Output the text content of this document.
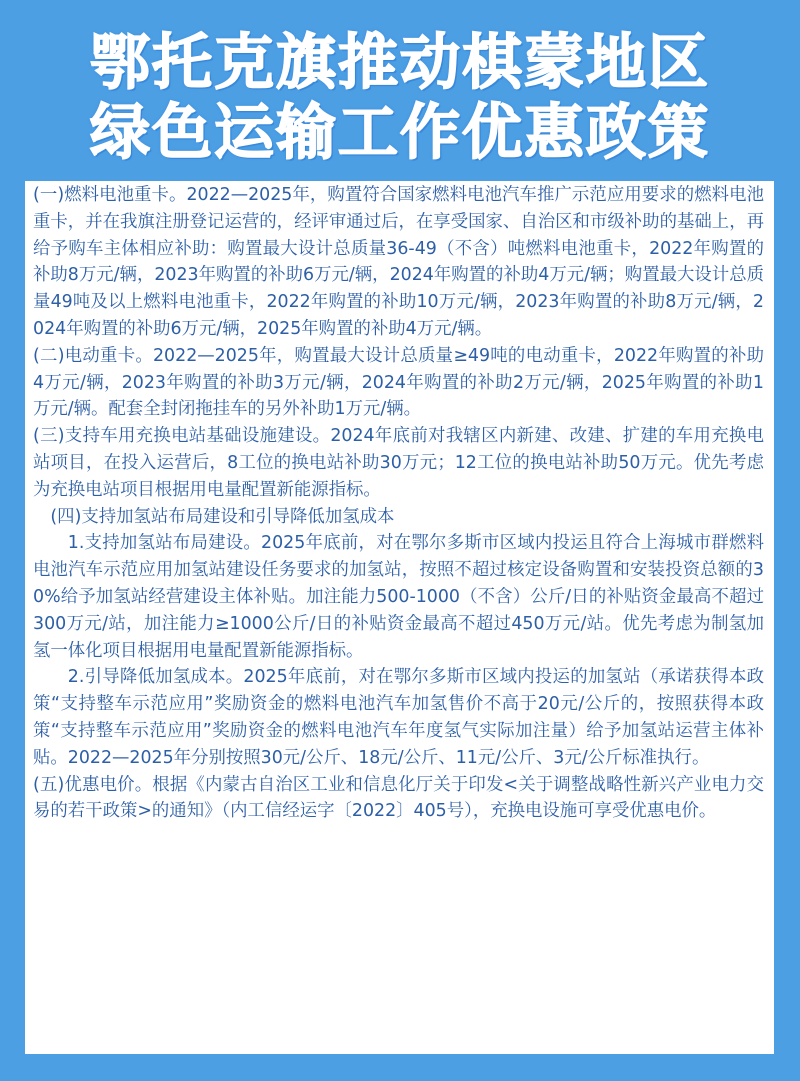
鄂托克旗推动棋蒙地区
绿色运输工作优惠政策

(一)燃料电池重卡。2022—2025年，购置符合国家燃料电池汽车推广示范应用要求的燃料电池重卡，并在我旗注册登记运营的，经评审通过后，在享受国家、自治区和市级补助的基础上，再给予购车主体相应补助：购置最大设计总质量36-49（不含）吨燃料电池重卡，2022年购置的补助8万元/辆，2023年购置的补助6万元/辆，2024年购置的补助4万元/辆；购置最大设计总质量49吨及以上燃料电池重卡，2022年购置的补助10万元/辆，2023年购置的补助8万元/辆，2024年购置的补助6万元/辆，2025年购置的补助4万元/辆。

(二)电动重卡。2022—2025年，购置最大设计总质量≥49吨的电动重卡，2022年购置的补助4万元/辆，2023年购置的补助3万元/辆，2024年购置的补助2万元/辆，2025年购置的补助1万元/辆。配套全封闭拖挂车的另外补助1万元/辆。

(三)支持车用充换电站基础设施建设。2024年底前对我辖区内新建、改建、扩建的车用充换电站项目，在投入运营后，8工位的换电站补助30万元；12工位的换电站补助50万元。优先考虑为充换电站项目根据用电量配置新能源指标。

(四)支持加氢站布局建设和引导降低加氢成本

1.支持加氢站布局建设。2025年底前，对在鄂尔多斯市区域内投运且符合上海城市群燃料电池汽车示范应用加氢站建设任务要求的加氢站，按照不超过核定设备购置和安装投资总额的30%给予加氢站经营建设主体补贴。加注能力500-1000（不含）公斤/日的补贴资金最高不超过300万元/站，加注能力≥1000公斤/日的补贴资金最高不超过450万元/站。优先考虑为制氢加氢一体化项目根据用电量配置新能源指标。

2.引导降低加氢成本。2025年底前，对在鄂尔多斯市区域内投运的加氢站（承诺获得本政策“支持整车示范应用”奖励资金的燃料电池汽车加氢售价不高于20元/公斤的，按照获得本政策“支持整车示范应用”奖励资金的燃料电池汽车年度氢气实际加注量）给予加氢站运营主体补贴。2022—2025年分别按照30元/公斤、18元/公斤、11元/公斤、3元/公斤标准执行。

(五)优惠电价。根据《内蒙古自治区工业和信息化厅关于印发<关于调整战略性新兴产业电力交易的若干政策>的通知》（内工信经运字〔2022〕405号），充换电设施可享受优惠电价。
